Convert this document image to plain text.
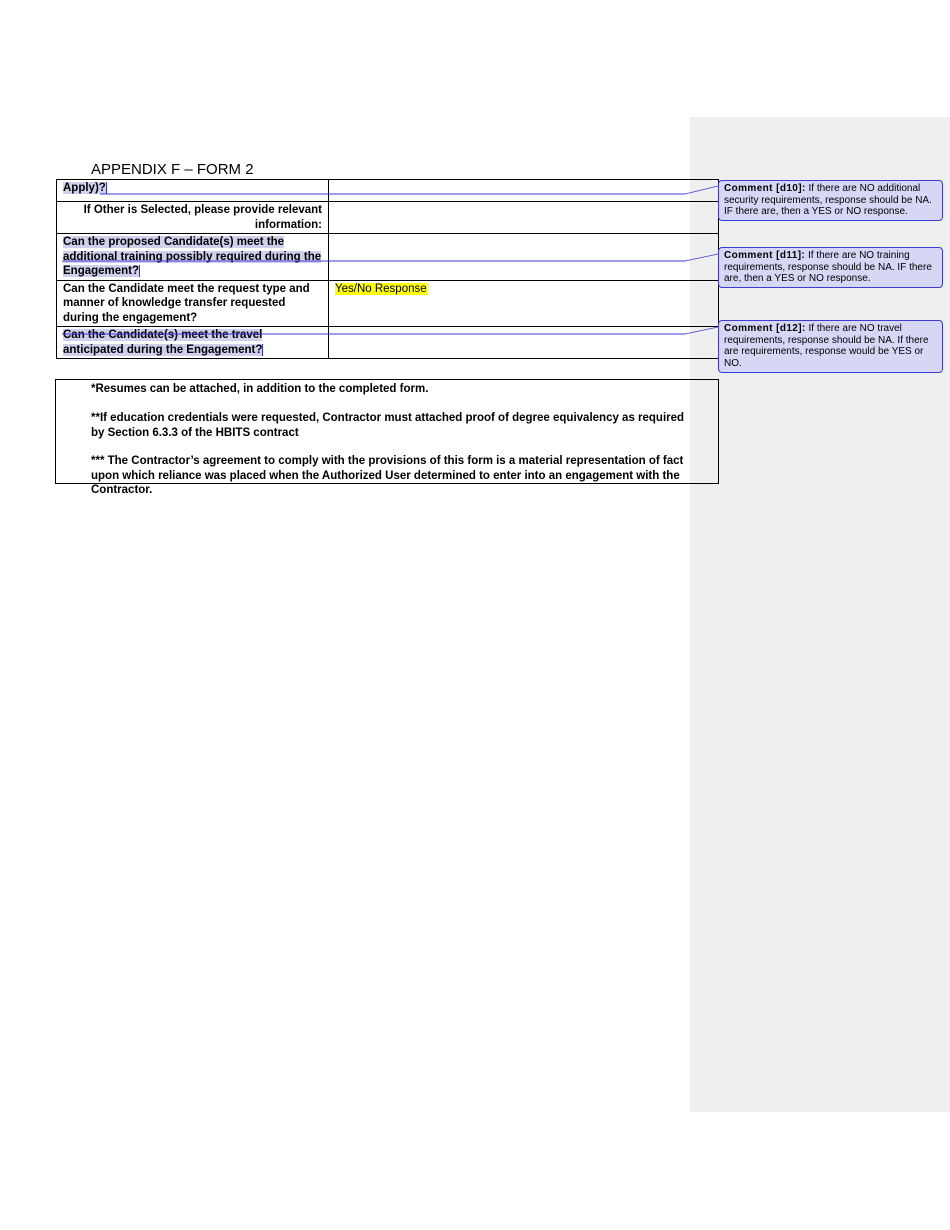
APPENDIX F – FORM 2
Apply)?	
If Other is Selected, please provide relevant information:	
Can the proposed Candidate(s) meet the additional training possibly required during the Engagement?	
Can the Candidate meet the request type and manner of knowledge transfer requested during the engagement?	Yes/No Response
Can the Candidate(s) meet the travel anticipated during the Engagement?	
*Resumes can be attached, in addition to the completed form.
**If education credentials were requested, Contractor must attached proof of degree equivalency as required by Section 6.3.3 of the HBITS contract
*** The Contractor’s agreement to comply with the provisions of this form is a material representation of fact upon which reliance was placed when the Authorized User determined to enter into an engagement with the Contractor.
Comment [d10]: If there are NO additional security requirements, response should be NA. IF there are, then a YES or NO response.
Comment [d11]: If there are NO training requirements, response should be NA. IF there are, then a YES or NO response.
Comment [d12]: If there are NO travel requirements, response should be NA. If there are requirements, response would be YES or NO.
